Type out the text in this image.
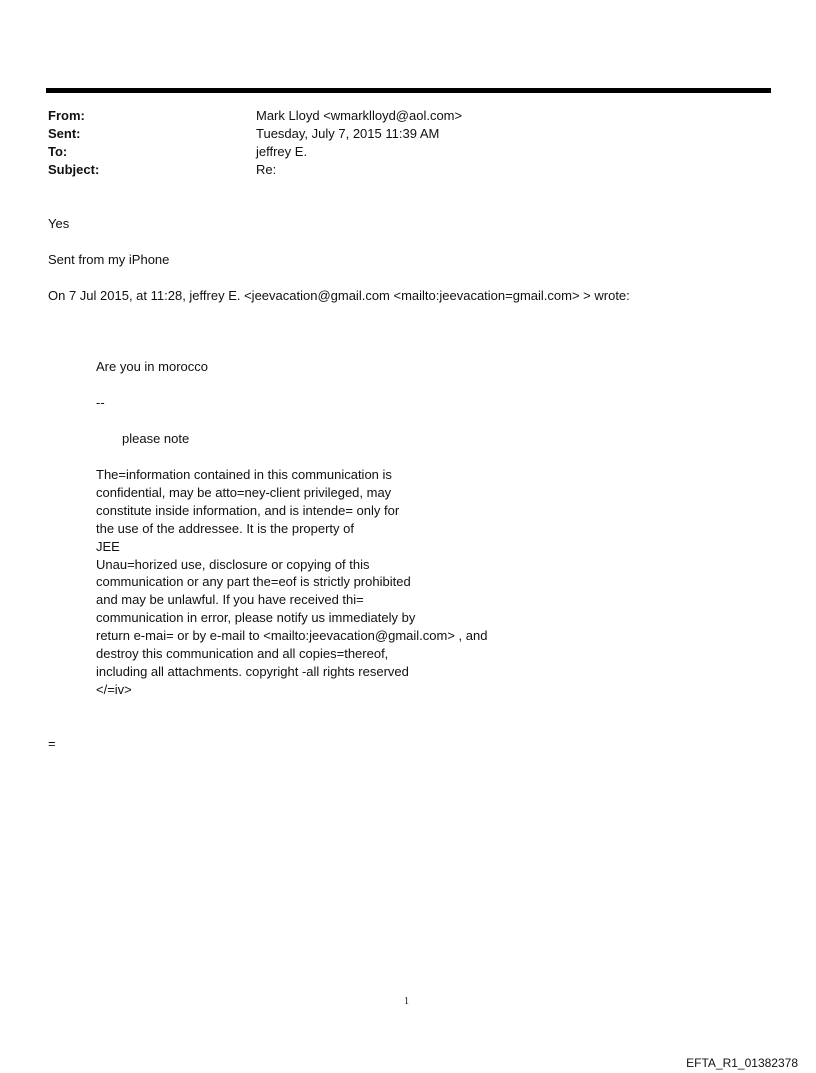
From:	Mark Lloyd <wmarklloyd@aol.com>
Sent:	Tuesday, July 7, 2015 11:39 AM
To:	jeffrey E.
Subject:	Re:
Yes
Sent from my iPhone
On 7 Jul 2015, at 11:28, jeffrey E. <jeevacation@gmail.com <mailto:jeevacation=gmail.com> > wrote:
Are you in morocco
--
please note
The=information contained in this communication is
confidential, may be atto=ney-client privileged, may
constitute inside information, and is intende= only for
the use of the addressee. It is the property of
JEE
Unau=horized use, disclosure or copying of this
communication or any part the=eof is strictly prohibited
and may be unlawful. If you have received thi=
communication in error, please notify us immediately by
return e-mai= or by e-mail to <mailto:jeevacation@gmail.com> , and
destroy this communication and all copies=thereof,
including all attachments. copyright -all rights reserved
</=iv>
=
1
EFTA_R1_01382378
